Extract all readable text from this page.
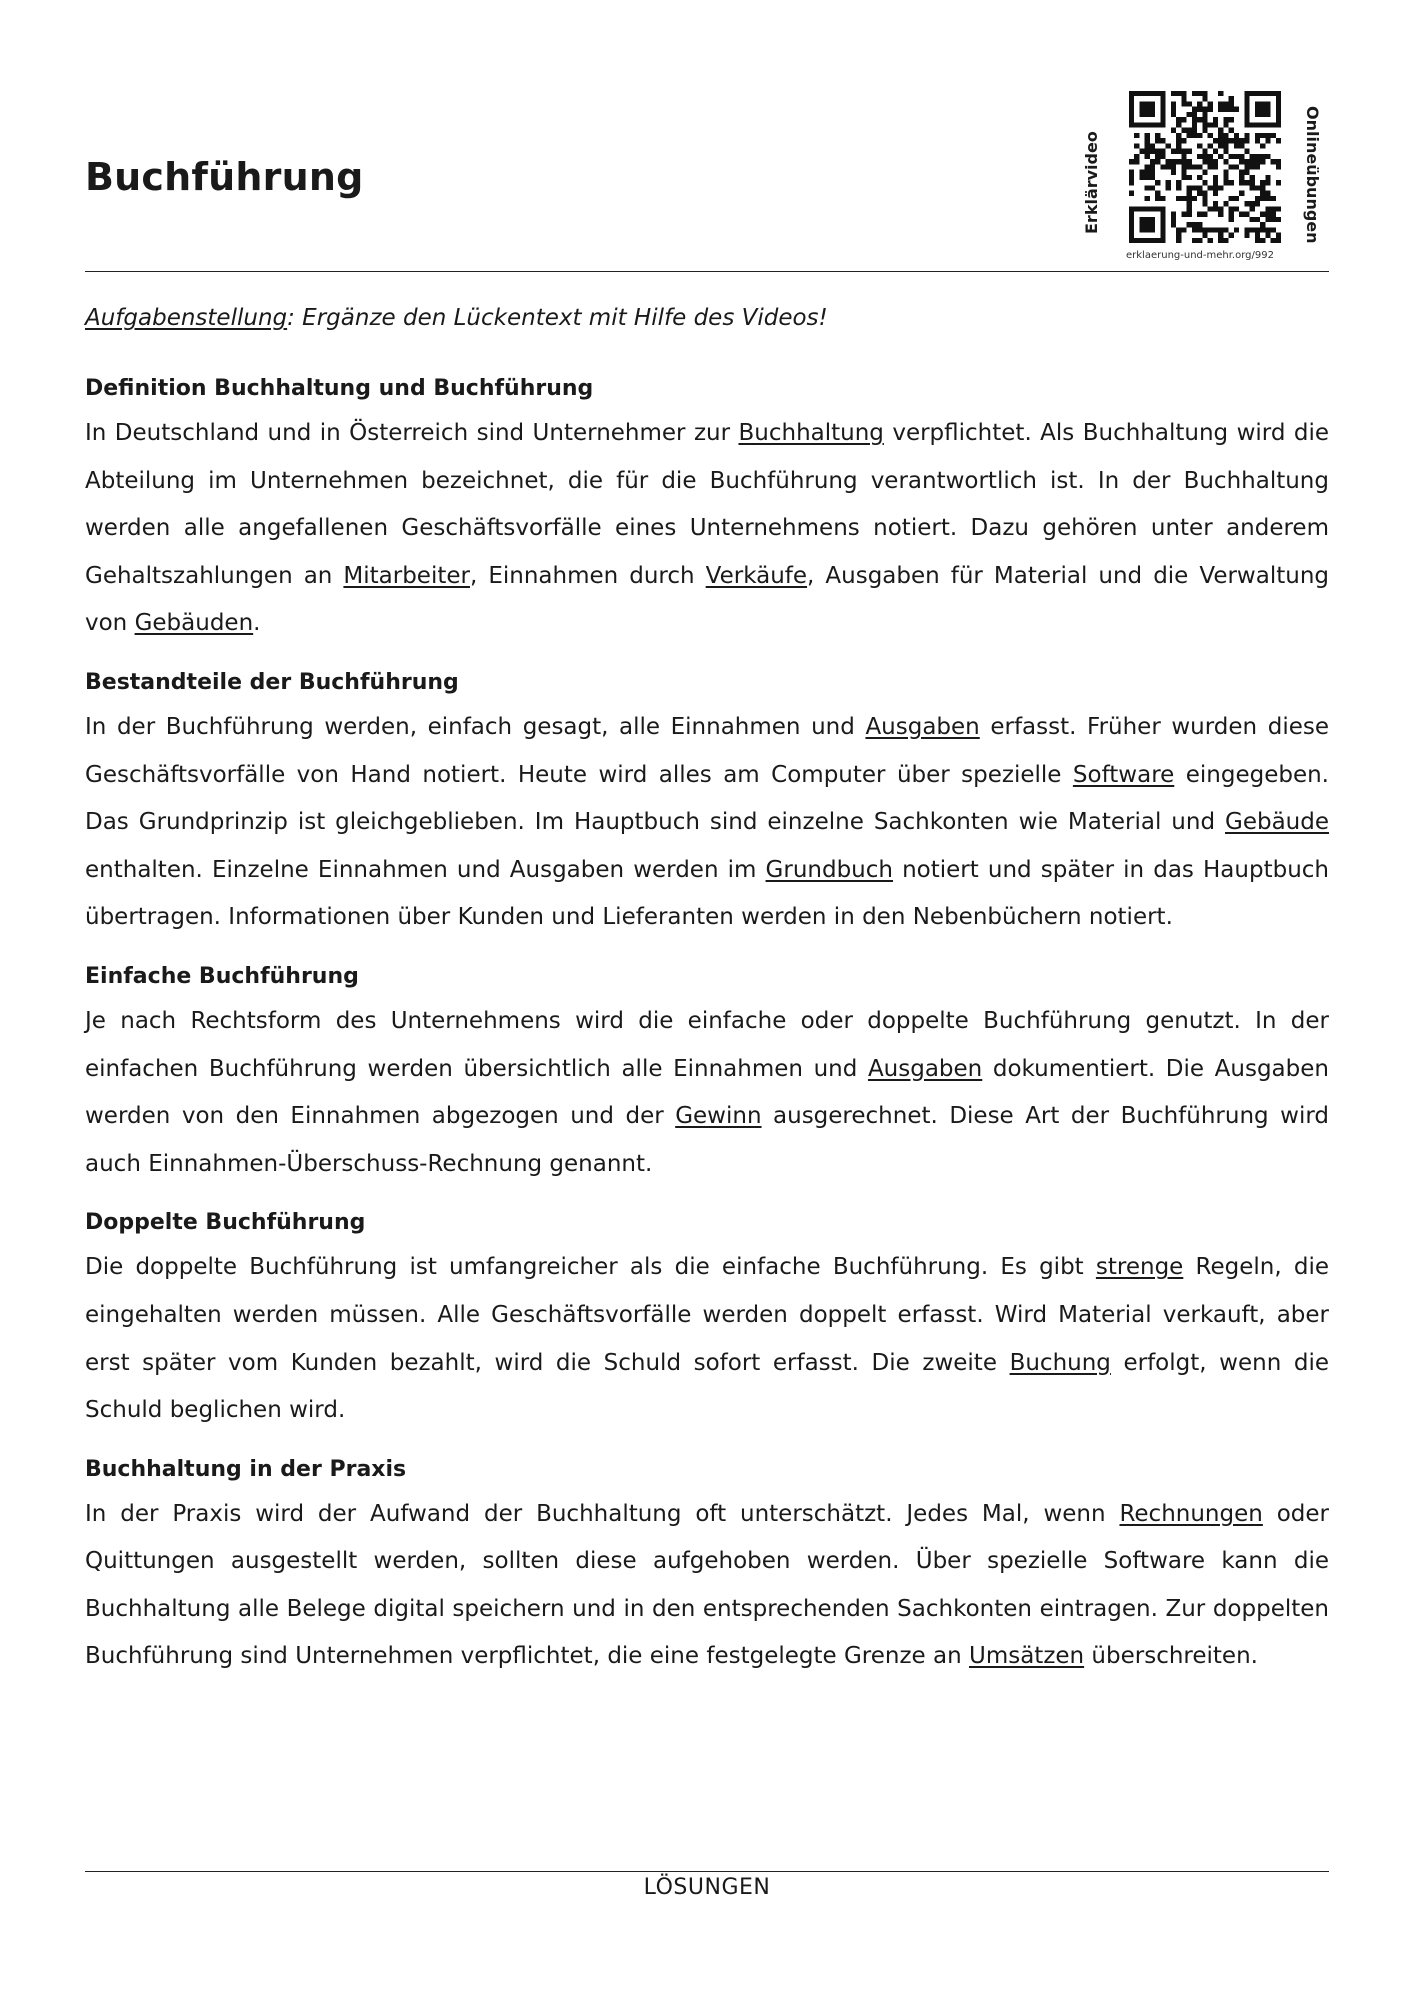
Buchführung	Erklärvideo	Onlineübungen
erklaerung-und-mehr.org/992

Aufgabenstellung: Ergänze den Lückentext mit Hilfe des Videos!

Definition Buchhaltung und Buchführung

In Deutschland und in Österreich sind Unternehmer zur Buchhaltung verpflichtet. Als Buchhaltung wird die Abteilung im Unternehmen bezeichnet, die für die Buchführung verantwortlich ist. In der Buchhaltung werden alle angefallenen Geschäftsvorfälle eines Unternehmens notiert. Dazu gehören unter anderem Gehaltszahlungen an Mitarbeiter, Einnahmen durch Verkäufe, Ausgaben für Material und die Verwaltung von Gebäuden.

Bestandteile der Buchführung

In der Buchführung werden, einfach gesagt, alle Einnahmen und Ausgaben erfasst. Früher wurden diese Geschäftsvorfälle von Hand notiert. Heute wird alles am Computer über spezielle Software eingegeben. Das Grundprinzip ist gleichgeblieben. Im Hauptbuch sind einzelne Sachkonten wie Material und Gebäude enthalten. Einzelne Einnahmen und Ausgaben werden im Grundbuch notiert und später in das Hauptbuch übertragen. Informationen über Kunden und Lieferanten werden in den Nebenbüchern notiert.

Einfache Buchführung

Je nach Rechtsform des Unternehmens wird die einfache oder doppelte Buchführung genutzt. In der einfachen Buchführung werden übersichtlich alle Einnahmen und Ausgaben dokumentiert. Die Ausgaben werden von den Einnahmen abgezogen und der Gewinn ausgerechnet. Diese Art der Buchführung wird auch Einnahmen-Überschuss-Rechnung genannt.

Doppelte Buchführung

Die doppelte Buchführung ist umfangreicher als die einfache Buchführung. Es gibt strenge Regeln, die eingehalten werden müssen. Alle Geschäftsvorfälle werden doppelt erfasst. Wird Material verkauft, aber erst später vom Kunden bezahlt, wird die Schuld sofort erfasst. Die zweite Buchung erfolgt, wenn die Schuld beglichen wird.

Buchhaltung in der Praxis

In der Praxis wird der Aufwand der Buchhaltung oft unterschätzt. Jedes Mal, wenn Rechnungen oder Quittungen ausgestellt werden, sollten diese aufgehoben werden. Über spezielle Software kann die Buchhaltung alle Belege digital speichern und in den entsprechenden Sachkonten eintragen. Zur doppelten Buchführung sind Unternehmen verpflichtet, die eine festgelegte Grenze an Umsätzen überschreiten.

LÖSUNGEN
